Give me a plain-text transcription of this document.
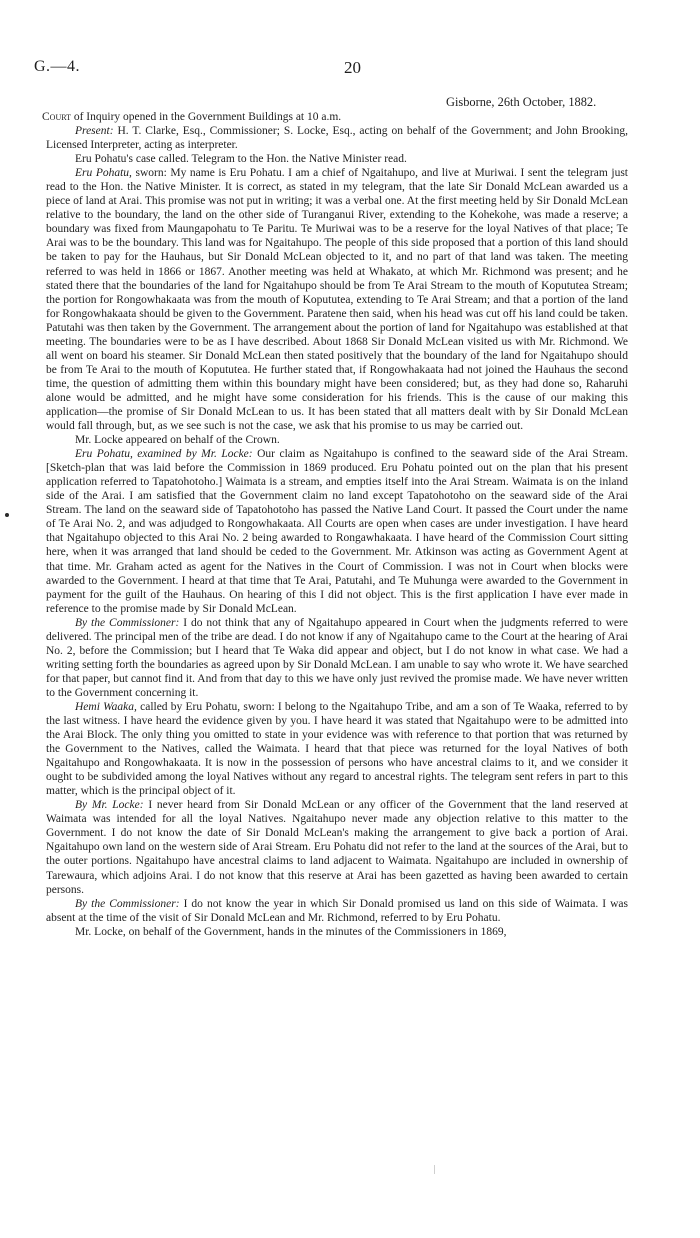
G.—4.	20
Gisborne, 26th October, 1882.

Court of Inquiry opened in the Government Buildings at 10 a.m.

Present: H. T. Clarke, Esq., Commissioner; S. Locke, Esq., acting on behalf of the Government; and John Brooking, Licensed Interpreter, acting as interpreter.

Eru Pohatu's case called. Telegram to the Hon. the Native Minister read.

Eru Pohatu, sworn: My name is Eru Pohatu. I am a chief of Ngaitahupo, and live at Muriwai. I sent the telegram just read to the Hon. the Native Minister. It is correct, as stated in my telegram, that the late Sir Donald McLean awarded us a piece of land at Arai. This promise was not put in writing; it was a verbal one. At the first meeting held by Sir Donald McLean relative to the boundary, the land on the other side of Turanganui River, extending to the Kohekohe, was made a reserve; a boundary was fixed from Maungapohatu to Te Paritu. Te Muriwai was to be a reserve for the loyal Natives of that place; Te Arai was to be the boundary. This land was for Ngaitahupo. The people of this side proposed that a portion of this land should be taken to pay for the Hauhaus, but Sir Donald McLean objected to it, and no part of that land was taken. The meeting referred to was held in 1866 or 1867. Another meeting was held at Whakato, at which Mr. Richmond was present; and he stated there that the boundaries of the land for Ngaitahupo should be from Te Arai Stream to the mouth of Kopututea Stream; the portion for Rongowhakaata was from the mouth of Kopututea, extending to Te Arai Stream; and that a portion of the land for Rongowhakaata should be given to the Government. Paratene then said, when his head was cut off his land could be taken. Patutahi was then taken by the Government. The arrangement about the portion of land for Ngaitahupo was established at that meeting. The boundaries were to be as I have described. About 1868 Sir Donald McLean visited us with Mr. Richmond. We all went on board his steamer. Sir Donald McLean then stated positively that the boundary of the land for Ngaitahupo should be from Te Arai to the mouth of Kopututea. He further stated that, if Rongowhakaata had not joined the Hauhaus the second time, the question of admitting them within this boundary might have been considered; but, as they had done so, Raharuhi alone would be admitted, and he might have some consideration for his friends. This is the cause of our making this application—the promise of Sir Donald McLean to us. It has been stated that all matters dealt with by Sir Donald McLean would fall through, but, as we see such is not the case, we ask that his promise to us may be carried out.

Mr. Locke appeared on behalf of the Crown.

Eru Pohatu, examined by Mr. Locke: Our claim as Ngaitahupo is confined to the seaward side of the Arai Stream. [Sketch-plan that was laid before the Commission in 1869 produced. Eru Pohatu pointed out on the plan that his present application referred to Tapatohotoho.] Waimata is a stream, and empties itself into the Arai Stream. Waimata is on the inland side of the Arai. I am satisfied that the Government claim no land except Tapatohotoho on the seaward side of the Arai Stream. The land on the seaward side of Tapatohotoho has passed the Native Land Court. It passed the Court under the name of Te Arai No. 2, and was adjudged to Rongowhakaata. All Courts are open when cases are under investigation. I have heard that Ngaitahupo objected to this Arai No. 2 being awarded to Rongawhakaata. I have heard of the Commission Court sitting here, when it was arranged that land should be ceded to the Government. Mr. Atkinson was acting as Government Agent at that time. Mr. Graham acted as agent for the Natives in the Court of Commission. I was not in Court when blocks were awarded to the Government. I heard at that time that Te Arai, Patutahi, and Te Muhunga were awarded to the Government in payment for the guilt of the Hauhaus. On hearing of this I did not object. This is the first application I have ever made in reference to the promise made by Sir Donald McLean.

By the Commissioner: I do not think that any of Ngaitahupo appeared in Court when the judgments referred to were delivered. The principal men of the tribe are dead. I do not know if any of Ngaitahupo came to the Court at the hearing of Arai No. 2, before the Commission; but I heard that Te Waka did appear and object, but I do not know in what case. We had a writing setting forth the boundaries as agreed upon by Sir Donald McLean. I am unable to say who wrote it. We have searched for that paper, but cannot find it. And from that day to this we have only just revived the promise made. We have never written to the Government concerning it.

Hemi Waaka, called by Eru Pohatu, sworn: I belong to the Ngaitahupo Tribe, and am a son of Te Waaka, referred to by the last witness. I have heard the evidence given by you. I have heard it was stated that Ngaitahupo were to be admitted into the Arai Block. The only thing you omitted to state in your evidence was with reference to that portion that was returned by the Government to the Natives, called the Waimata. I heard that that piece was returned for the loyal Natives of both Ngaitahupo and Rongowhakaata. It is now in the possession of persons who have ancestral claims to it, and we consider it ought to be subdivided among the loyal Natives without any regard to ancestral rights. The telegram sent refers in part to this matter, which is the principal object of it.

By Mr. Locke: I never heard from Sir Donald McLean or any officer of the Government that the land reserved at Waimata was intended for all the loyal Natives. Ngaitahupo never made any objection relative to this matter to the Government. I do not know the date of Sir Donald McLean's making the arrangement to give back a portion of Arai. Ngaitahupo own land on the western side of Arai Stream. Eru Pohatu did not refer to the land at the sources of the Arai, but to the outer portions. Ngaitahupo have ancestral claims to land adjacent to Waimata. Ngaitahupo are included in ownership of Tarewaura, which adjoins Arai. I do not know that this reserve at Arai has been gazetted as having been awarded to certain persons.

By the Commissioner: I do not know the year in which Sir Donald promised us land on this side of Waimata. I was absent at the time of the visit of Sir Donald McLean and Mr. Richmond, referred to by Eru Pohatu.

Mr. Locke, on behalf of the Government, hands in the minutes of the Commissioners in 1869,
